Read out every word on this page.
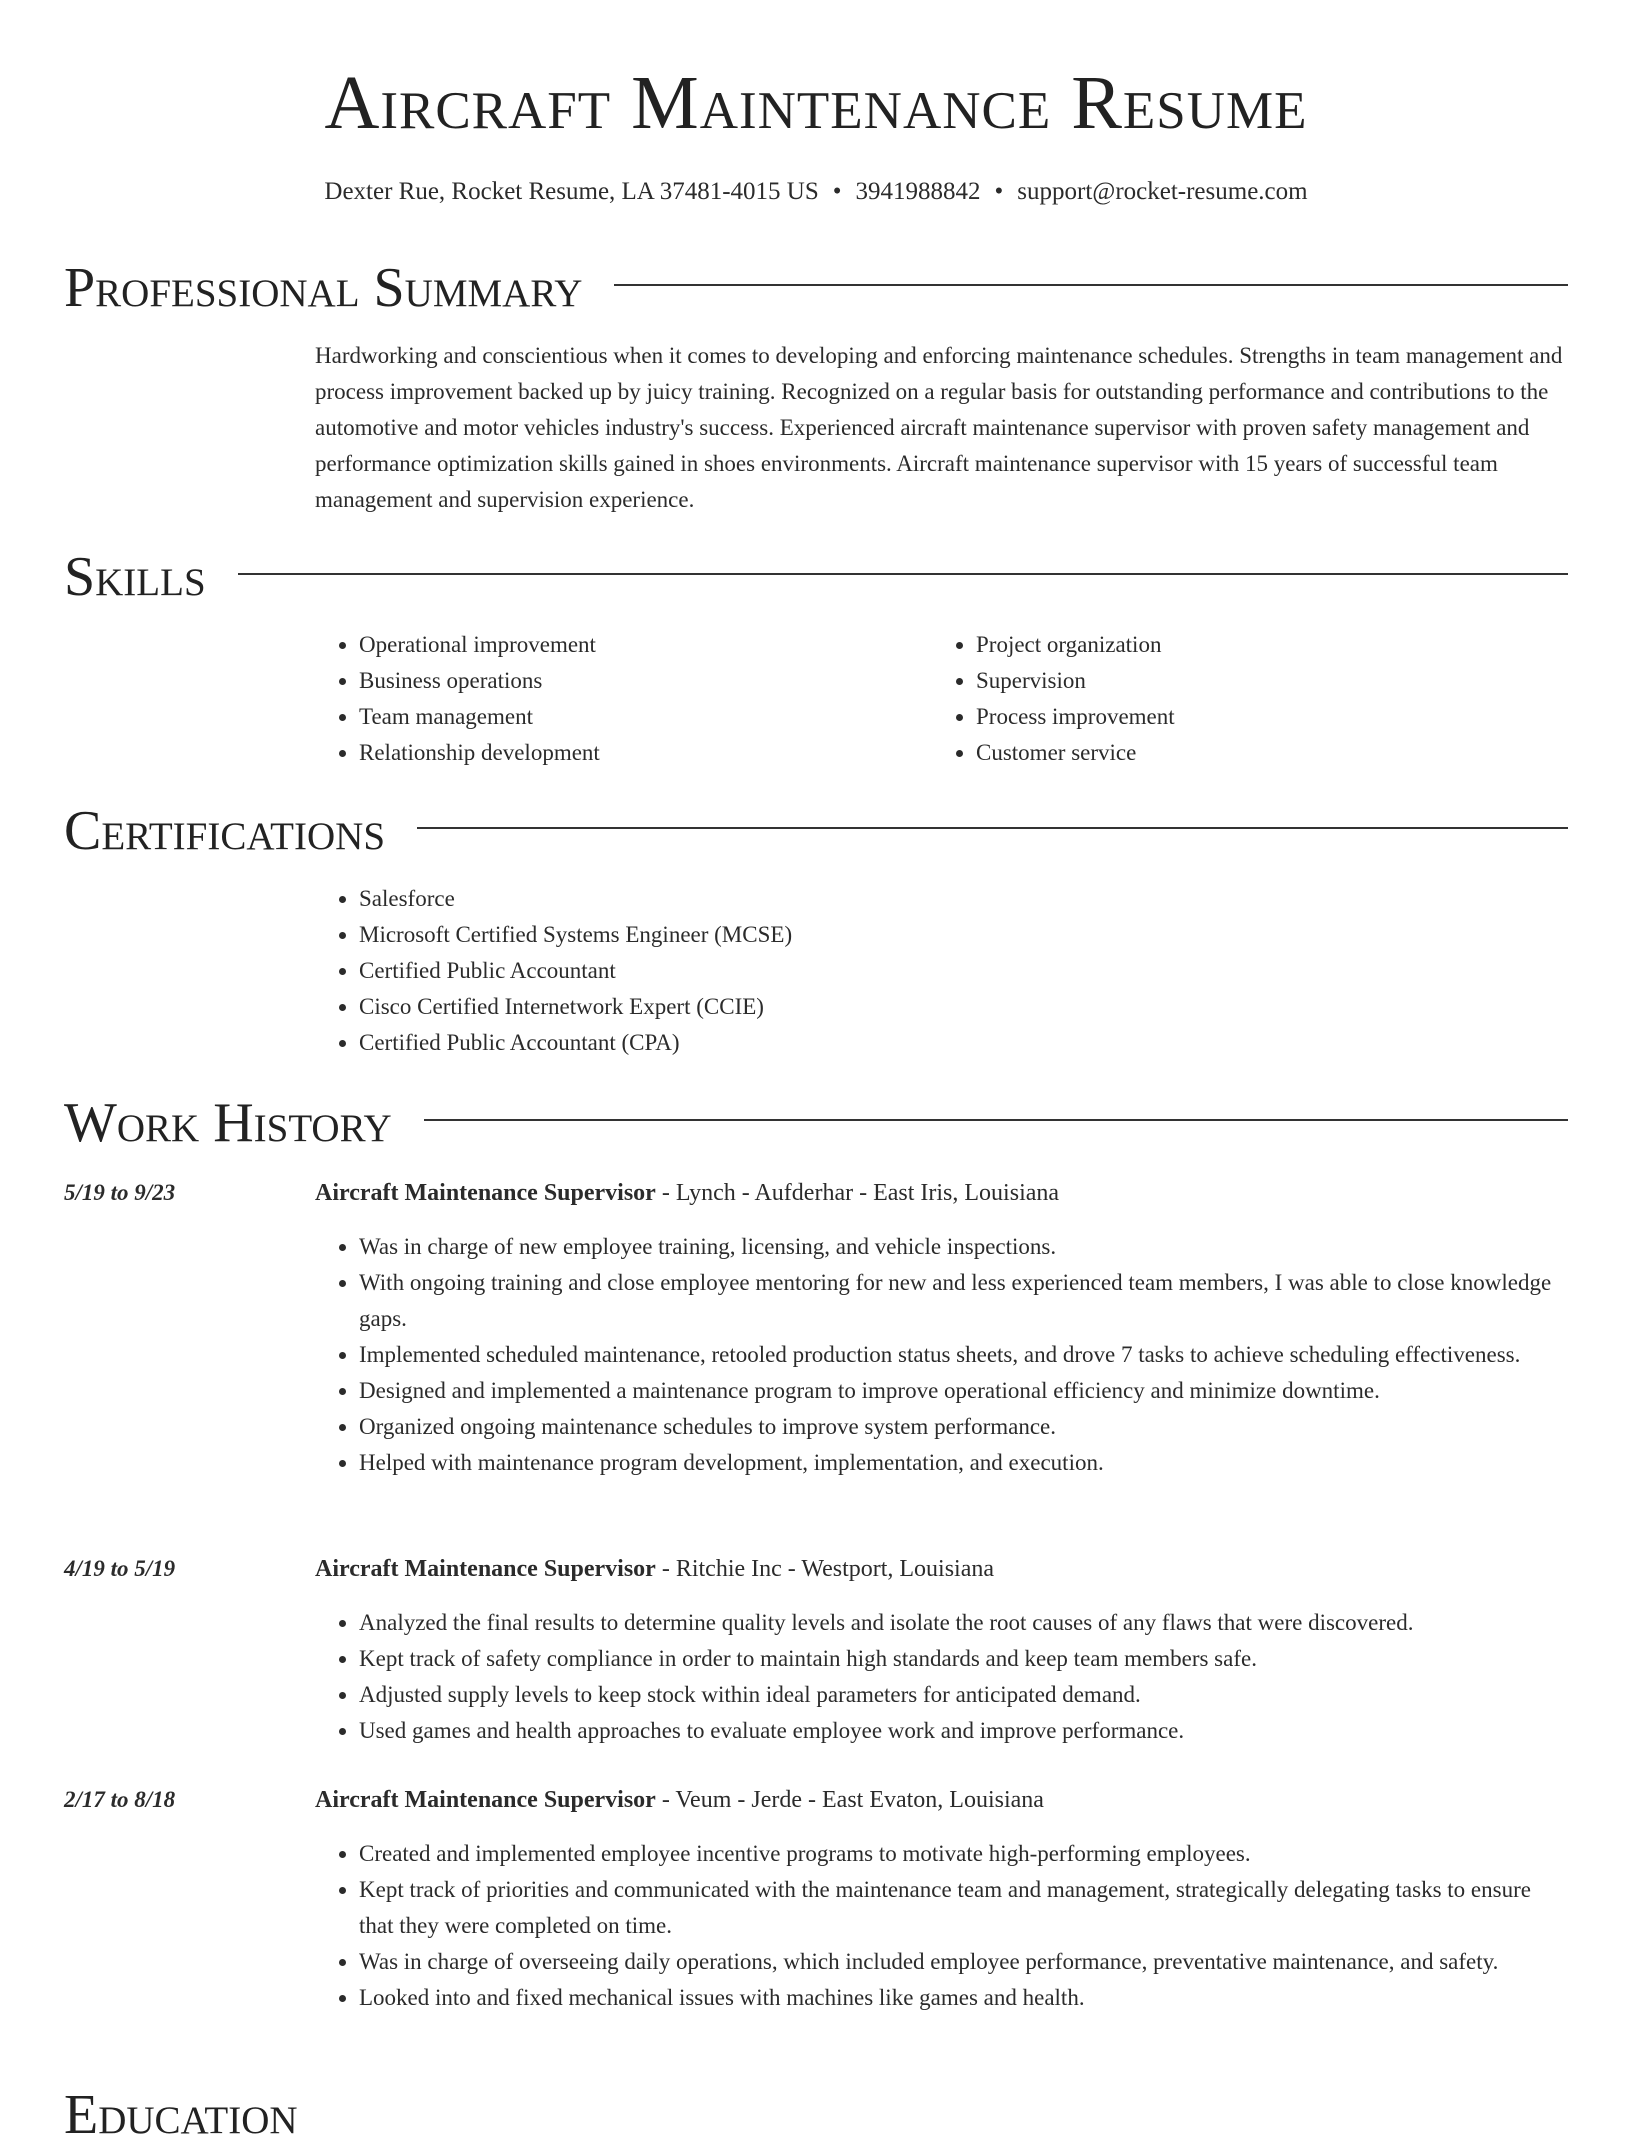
Aircraft Maintenance Resume
Dexter Rue, Rocket Resume, LA 37481-4015 US • 3941988842 • support@rocket-resume.com
Professional Summary

Hardworking and conscientious when it comes to developing and enforcing maintenance schedules. Strengths in team management and process improvement backed up by juicy training. Recognized on a regular basis for outstanding performance and contributions to the automotive and motor vehicles industry's success. Experienced aircraft maintenance supervisor with proven safety management and performance optimization skills gained in shoes environments. Aircraft maintenance supervisor with 15 years of successful team management and supervision experience.

Skills
• Operational improvement
• Business operations
• Team management
• Relationship development
• Project organization
• Supervision
• Process improvement
• Customer service
Certifications
• Salesforce
• Microsoft Certified Systems Engineer (MCSE)
• Certified Public Accountant
• Cisco Certified Internetwork Expert (CCIE)
• Certified Public Accountant (CPA)
Work History
5/19 to 9/23	Aircraft Maintenance Supervisor - Lynch - Aufderhar - East Iris, Louisiana
• Was in charge of new employee training, licensing, and vehicle inspections.
• With ongoing training and close employee mentoring for new and less experienced team members, I was able to close knowledge gaps.
• Implemented scheduled maintenance, retooled production status sheets, and drove 7 tasks to achieve scheduling effectiveness.
• Designed and implemented a maintenance program to improve operational efficiency and minimize downtime.
• Organized ongoing maintenance schedules to improve system performance.
• Helped with maintenance program development, implementation, and execution.
4/19 to 5/19	Aircraft Maintenance Supervisor - Ritchie Inc - Westport, Louisiana
• Analyzed the final results to determine quality levels and isolate the root causes of any flaws that were discovered.
• Kept track of safety compliance in order to maintain high standards and keep team members safe.
• Adjusted supply levels to keep stock within ideal parameters for anticipated demand.
• Used games and health approaches to evaluate employee work and improve performance.
2/17 to 8/18	Aircraft Maintenance Supervisor - Veum - Jerde - East Evaton, Louisiana
• Created and implemented employee incentive programs to motivate high-performing employees.
• Kept track of priorities and communicated with the maintenance team and management, strategically delegating tasks to ensure that they were completed on time.
• Was in charge of overseeing daily operations, which included employee performance, preventative maintenance, and safety.
• Looked into and fixed mechanical issues with machines like games and health.
Education
